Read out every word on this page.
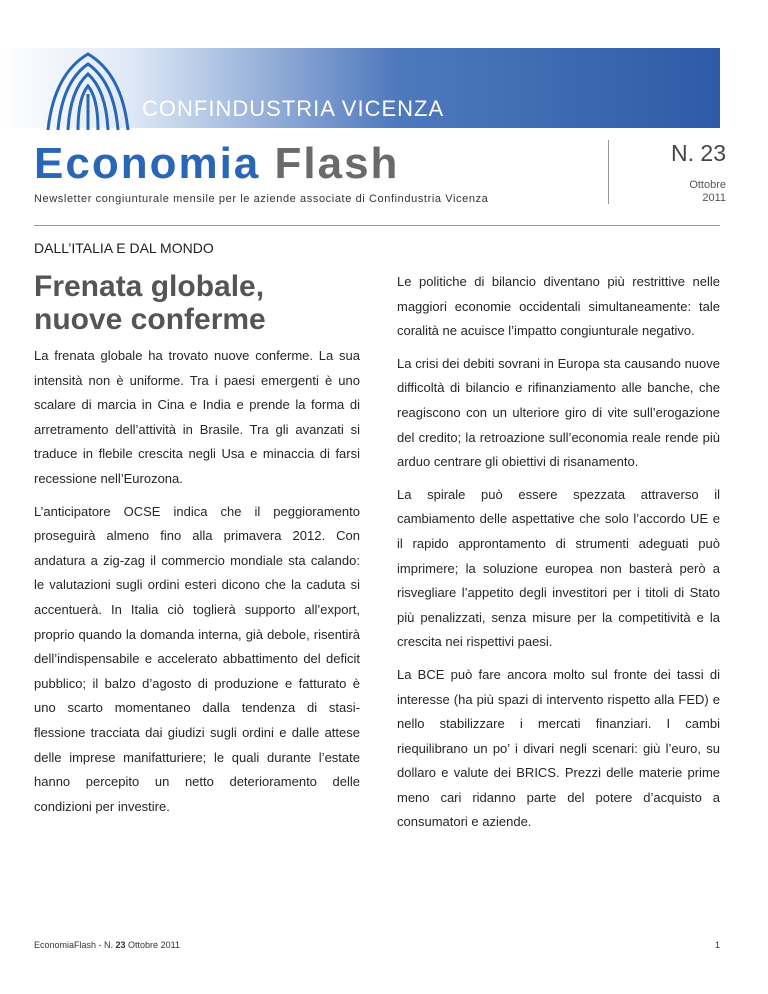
CONFINDUSTRIA VICENZA
Economia Flash
Newsletter congiunturale mensile per le aziende associate di Confindustria Vicenza
N. 23
Ottobre
2011
DALL’ITALIA E DAL MONDO
Frenata globale,
nuove conferme

La frenata globale ha trovato nuove conferme. La sua intensità non è uniforme. Tra i paesi emergenti è uno scalare di marcia in Cina e India e prende la forma di arretramento dell’attività in Brasile. Tra gli avanzati si traduce in flebile crescita negli Usa e minaccia di farsi recessione nell’Eurozona.

L’anticipatore OCSE indica che il peggioramento proseguirà almeno fino alla primavera 2012. Con andatura a zig-zag il commercio mondiale sta calando: le valutazioni sugli ordini esteri dicono che la caduta si accentuerà. In Italia ciò toglierà supporto all’export, proprio quando la domanda interna, già debole, risentirà dell’indispensabile e accelerato abbattimento del deficit pubblico; il balzo d’agosto di produzione e fatturato è uno scarto momentaneo dalla tendenza di stasi-flessione tracciata dai giudizi sugli ordini e dalle attese delle imprese manifatturiere; le quali durante l’estate hanno percepito un netto deterioramento delle condizioni per investire.

Le politiche di bilancio diventano più restrittive nelle maggiori economie occidentali simultaneamente: tale coralità ne acuisce l’impatto congiunturale negativo.

La crisi dei debiti sovrani in Europa sta causando nuove difficoltà di bilancio e rifinanziamento alle banche, che reagiscono con un ulteriore giro di vite sull’erogazione del credito; la retroazione sull’economia reale rende più arduo centrare gli obiettivi di risanamento.

La spirale può essere spezzata attraverso il cambiamento delle aspettative che solo l’accordo UE e il rapido approntamento di strumenti adeguati può imprimere; la soluzione europea non basterà però a risvegliare l’appetito degli investitori per i titoli di Stato più penalizzati, senza misure per la competitività e la crescita nei rispettivi paesi.

La BCE può fare ancora molto sul fronte dei tassi di interesse (ha più spazi di intervento rispetto alla FED) e nello stabilizzare i mercati finanziari. I cambi riequilibrano un po’ i divari negli scenari: giù l’euro, su dollaro e valute dei BRICS. Prezzi delle materie prime meno cari ridanno parte del potere d’acquisto a consumatori e aziende.

EconomiaFlash - N. 23 Ottobre 2011	1
